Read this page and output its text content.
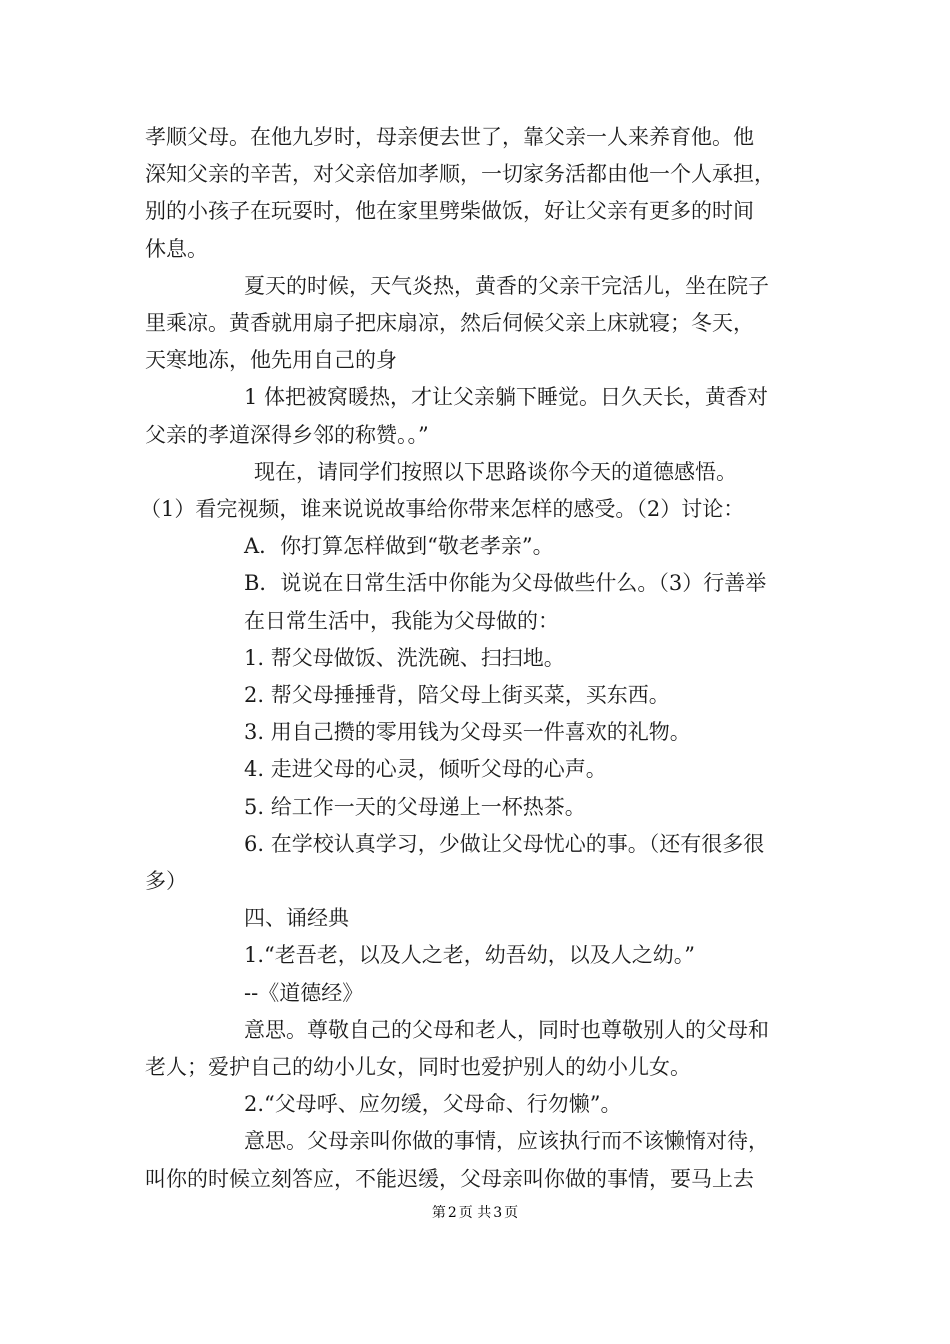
孝顺父母。在他九岁时，母亲便去世了，靠父亲一人来养育他。他
深知父亲的辛苦，对父亲倍加孝顺，一切家务活都由他一个人承担，
别的小孩子在玩耍时，他在家里劈柴做饭，好让父亲有更多的时间
休息。
夏天的时候，天气炎热，黄香的父亲干完活儿，坐在院子
里乘凉。黄香就用扇子把床扇凉，然后伺候父亲上床就寝；冬天，
天寒地冻，他先用自己的身
1 体把被窝暖热，才让父亲躺下睡觉。日久天长，黄香对
父亲的孝道深得乡邻的称赞。。”
现在，请同学们按照以下思路谈你今天的道德感悟。
（1）看完视频，谁来说说故事给你带来怎样的感受。（2）讨论：
A．你打算怎样做到“敬老孝亲”。
B．说说在日常生活中你能为父母做些什么。（3）行善举
在日常生活中，我能为父母做的：
1. 帮父母做饭、洗洗碗、扫扫地。
2. 帮父母捶捶背，陪父母上街买菜，买东西。
3. 用自己攒的零用钱为父母买一件喜欢的礼物。
4. 走进父母的心灵，倾听父母的心声。
5. 给工作一天的父母递上一杯热茶。
6. 在学校认真学习，少做让父母忧心的事。（还有很多很
多）
四、诵经典
1.“老吾老，以及人之老，幼吾幼，以及人之幼。”
--《道德经》
意思。尊敬自己的父母和老人，同时也尊敬别人的父母和
老人；爱护自己的幼小儿女，同时也爱护别人的幼小儿女。
2.“父母呼、应勿缓，父母命、行勿懒”。
意思。父母亲叫你做的事情，应该执行而不该懒惰对待，
叫你的时候立刻答应，不能迟缓，父母亲叫你做的事情，要马上去
第 2 页 共 3 页
